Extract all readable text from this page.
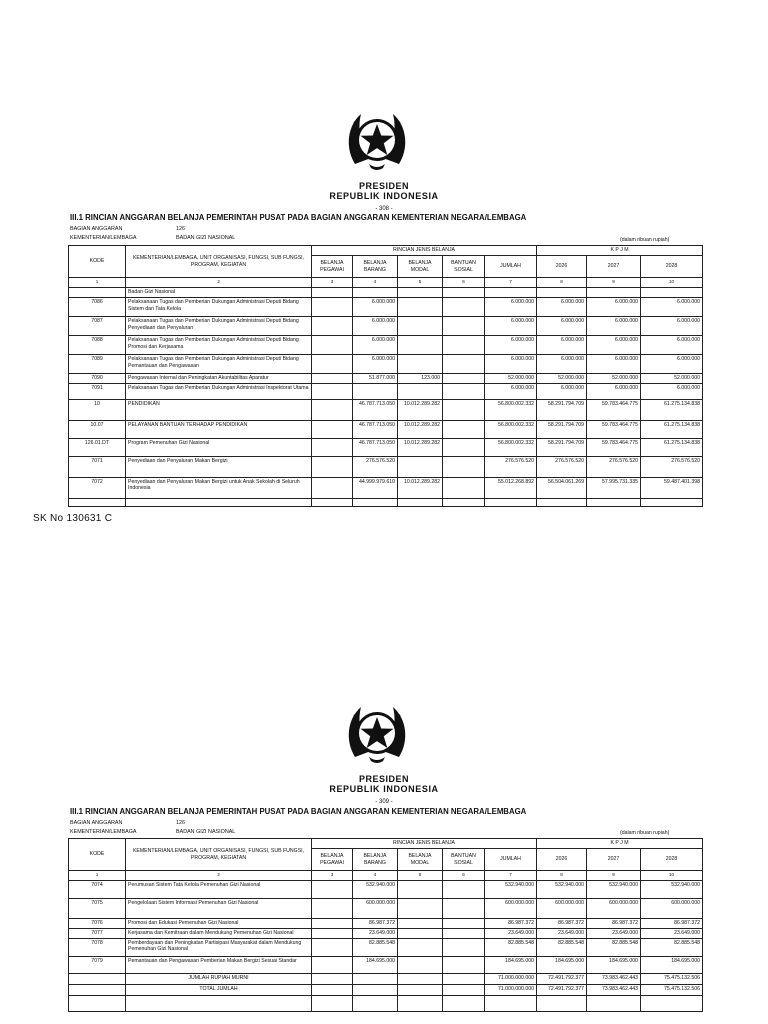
PRESIDEN
REPUBLIK INDONESIA
- 308 -
III.1 RINCIAN ANGGARAN BELANJA PEMERINTAH PUSAT PADA BAGIAN ANGGARAN KEMENTERIAN NEGARA/LEMBAGA
BAGIAN ANGGARAN	126
KEMENTERIAN/LEMBAGA	BADAN GIZI NASIONAL	(dalam ribuan rupiah)
KODE	KEMENTERIAN/LEMBAGA, UNIT ORGANISASI, FUNGSI, SUB FUNGSI, PROGRAM, KEGIATAN	RINCIAN JENIS BELANJA					K P J M		
		BELANJA PEGAWAI	BELANJA BARANG	BELANJA MODAL	BANTUAN SOSIAL	JUMLAH	2026	2027	2028
1	2	3	4	5	6	7	8	9	10
	Badan Gizi Nasional								
7086	Pelaksanaan Tugas dan Pemberian Dukungan Administrasi Deputi Bidang Sistem dan Tata Kelola		6.000.000			6.000.000	6.000.000	6.000.000	6.000.000
7087	Pelaksanaan Tugas dan Pemberian Dukungan Administrasi Deputi Bidang Penyediaan dan Penyaluran		6.000.000			6.000.000	6.000.000	6.000.000	6.000.000
7088	Pelaksanaan Tugas dan Pemberian Dukungan Administrasi Deputi Bidang Promosi dan Kerjasama		6.000.000			6.000.000	6.000.000	6.000.000	6.000.000
7089	Pelaksanaan Tugas dan Pemberian Dukungan Administrasi Deputi Bidang Pemantauan dan Pengawasan		6.000.000			6.000.000	6.000.000	6.000.000	6.000.000
7090	Pengawasan Internal dan Peningkatan Akuntabilitas Aparatur		51.877.000	123.000		52.000.000	52.000.000	52.000.000	52.000.000
7091	Pelaksanaan Tugas dan Pemberian Dukungan Administrasi Inspektorat Utama					6.000.000	6.000.000	6.000.000	6.000.000
10	PENDIDIKAN		46.787.713.050	10.012.289.282		56.800.002.332	58.291.794.709	59.783.464.775	61.275.134.838
10.07	PELAYANAN BANTUAN TERHADAP PENDIDIKAN		46.787.713.050	10.012.289.282		56.800.002.332	58.291.794.709	59.783.464.775	61.275.134.838
126.01.DT	Program Pemenuhan Gizi Nasional		46.787.713.050	10.012.289.282		56.800.002.332	58.291.794.709	59.783.464.775	61.275.134.838
7071	Penyediaan dan Penyaluran Makan Bergizi		276.576.520			276.576.520	276.576.520	276.576.520	276.576.520
7072	Penyediaan dan Penyaluran Makan Bergizi untuk Anak Sekolah di Seluruh Indonesia		44.999.979.610	10.012.289.282		55.012.268.892	56.504.061.269	57.995.731.335	59.487.401.398

SK No 130631 C
PRESIDEN
REPUBLIK INDONESIA
- 309 -
III.1 RINCIAN ANGGARAN BELANJA PEMERINTAH PUSAT PADA BAGIAN ANGGARAN KEMENTERIAN NEGARA/LEMBAGA
BAGIAN ANGGARAN	126
KEMENTERIAN/LEMBAGA	BADAN GIZI NASIONAL	(dalam ribuan rupiah)
KODE	KEMENTERIAN/LEMBAGA, UNIT ORGANISASI, FUNGSI, SUB FUNGSI, PROGRAM, KEGIATAN	RINCIAN JENIS BELANJA					K P J M		
		BELANJA PEGAWAI	BELANJA BARANG	BELANJA MODAL	BANTUAN SOSIAL	JUMLAH	2026	2027	2028
1	2	3	4	5	6	7	8	9	10
7074	Perumusan Sistem Tata Kelola Pemenuhan Gizi Nasional		532.940.000			532.940.000	532.940.000	532.940.000	532.940.000
7075	Pengelolaan Sistem Informasi Pemenuhan Gizi Nasional		600.000.000			600.000.000	600.000.000	600.000.000	600.000.000
7076	Promosi dan Edukasi Pemenuhan Gizi Nasional		86.987.372			86.987.372	86.987.372	86.987.372	86.987.372
7077	Kerjasama dan Kemitraan dalam Mendukung Pemenuhan Gizi Nasional		23.649.000			23.649.000	23.649.000	23.649.000	23.649.000
7078	Pemberdayaan dan Peningkatan Partisipasi Masyarakat dalam Mendukung Pemenuhan Gizi Nasional		82.885.548			82.885.548	82.885.548	82.885.548	82.885.548
7079	Pemantauan dan Pengawasan Pemberian Makan Bergizi Sesuai Standar		184.695.000			184.695.000	184.695.000	184.695.000	184.695.000
	JUMLAH RUPIAH MURNI					71.000.000.000	72.491.792.377	73.983.462.443	75.475.132.506
	TOTAL JUMLAH					71.000.000.000	72.491.792.377	73.983.462.443	75.475.132.506
